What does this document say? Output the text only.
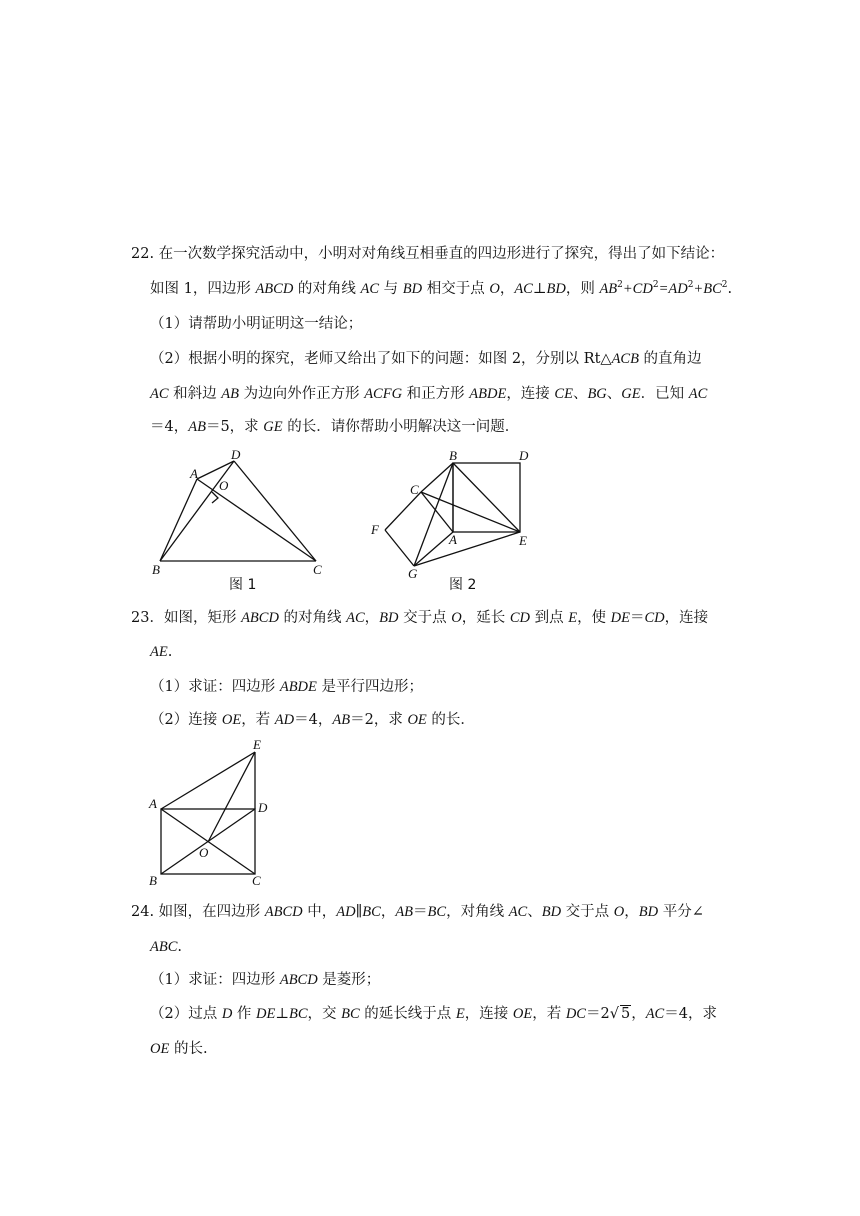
22. 在一次数学探究活动中，小明对对角线互相垂直的四边形进行了探究，得出了如下结论：
如图 1，四边形 ABCD 的对角线 AC 与 BD 相交于点 O，AC⊥BD，则 $AB^2+CD^2=AD^2+BC^2$.
（1）请帮助小明证明这一结论；
（2）根据小明的探究，老师又给出了如下的问题：如图 2，分别以 Rt△ACB 的直角边
AC 和斜边 AB 为边向外作正方形 ACFG 和正方形 ABDE，连接 CE、BG、GE．已知 AC
＝4，AB＝5，求 GE 的长．请你帮助小明解决这一问题．
A
D
O
B	C
图 1
B	D
C
F
A	E
G
图 2
E
A	D
O
B	C
23．如图，矩形 ABCD 的对角线 AC，BD 交于点 O，延长 CD 到点 E，使 DE＝CD，连接
AE.
（1）求证：四边形 ABDE 是平行四边形；
（2）连接 OE，若 AD＝4，AB＝2，求 OE 的长．
24. 如图，在四边形 ABCD 中，AD∥BC，AB＝BC，对角线 AC、BD 交于点 O，BD 平分∠
ABC.
（1）求证：四边形 ABCD 是菱形；
（2）过点 D 作 DE⊥BC，交 BC 的延长线于点 E，连接 OE，若 DC＝2√ 5，AC＝4，求
OE 的长.
